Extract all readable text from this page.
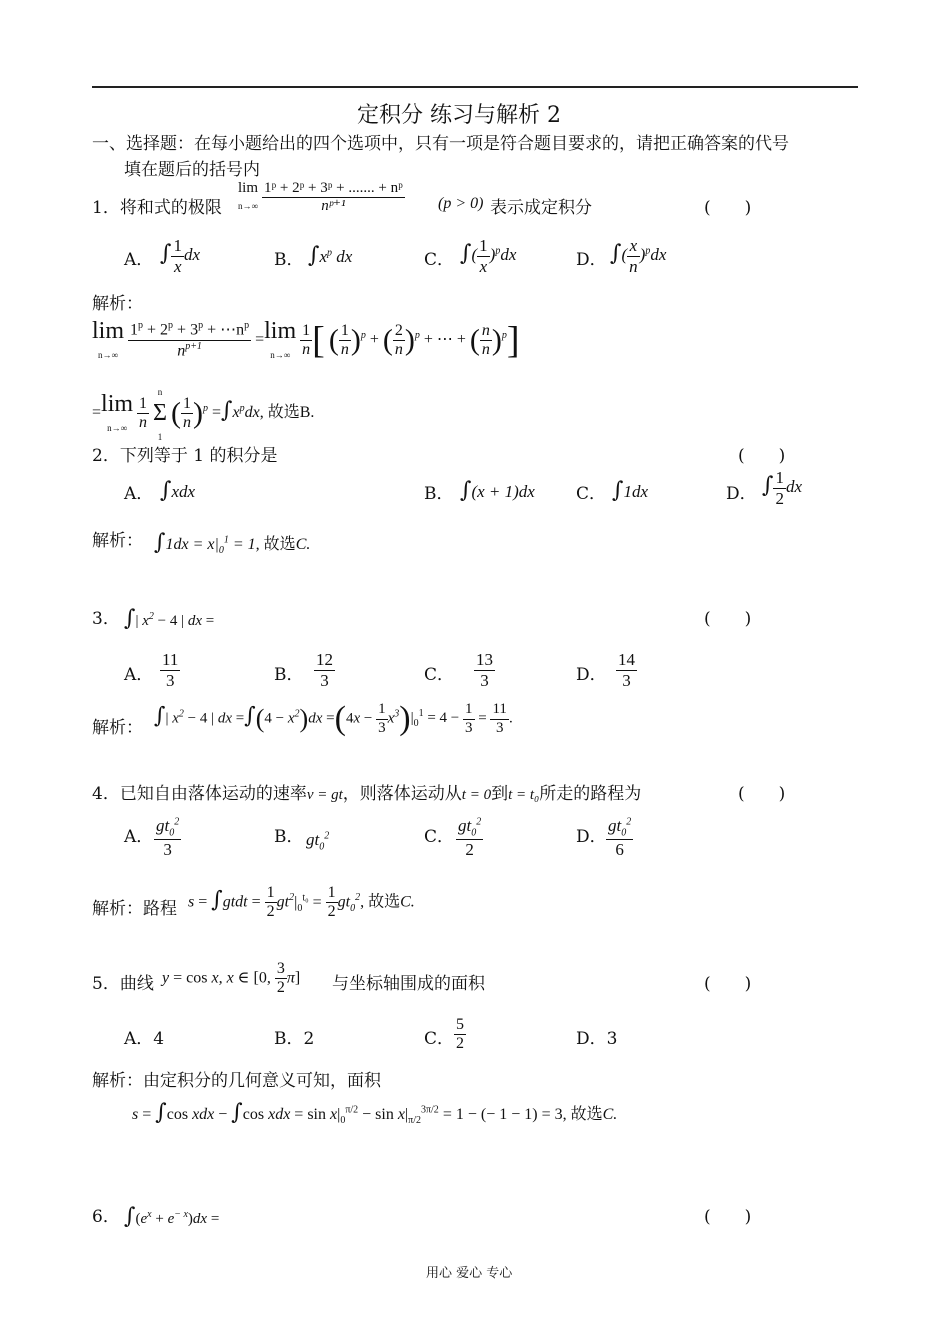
定积分 练习与解析 2
一、选择题：在每小题给出的四个选项中，只有一项是符合题目要求的，请把正确答案的代号
填在题后的括号内
1．将和式的极限
lim
$n\to\infty \frac{\text{1ᵖ + 2ᵖ + 3ᵖ + ....... + nᵖ}}{\text{nᵖ⁺¹}} (p > 0)$ 表示成定积分	(　　)
A． ∫ $\frac{1}{x}$ dx	B． $\int x^p$ dx	C． ∫( $\frac{1}{x} )^pdx$	D． ∫( $\frac{x}{n} )^pdx$
解析：
lim
$n\to\infty \frac{1^p + 2^p + 3^p + \cdots n^p}{n^{p+1}} =\lim$
$n\to\infty \frac{1}{n}$ [ ( $\frac{1}{n} )^p$ + ( $\frac{2}{n} )^p$ + ⋯ + ( $\frac{n}{n} )^p$]
=lim
$n\to\infty \frac{1}{n}$
n
Σ
1 ( $\frac{1}{n} )^p =\int x^pdx$, 故选B.
2．下列等于 1 的积分是	(　　)
A． ∫xdx	B． ∫(x + 1)dx C． ∫1dx	D． ∫ $\frac{1}{2}$ dx
解析： $\int 1dx = x|_0^1 = 1$, 故选C.
3． ∫| $x^2 - 4$ | dx =	(　　)
A． $\frac{11}{3}$	B． $\frac{12}{3}$	C． $\frac{13}{3}$	D． $\frac{14}{3}$
解析： ∫| $x^2 - 4$ | dx $=\int(4 - x^2)dx =(4x - \frac{1}{3} x^3)|_0^1 = 4 - \frac{1}{3} = \frac{11}{3}$ .
4．已知自由落体运动的速率v = gt，则落体运动从t = 0到t = t₀所走的路程为	(　　)
A． $\frac{gt_0^2}{3}$	B． $gt_0^2$	C． $\frac{gt_0^2}{2}$	D． $\frac{gt_0^2}{6}$
解析：路程 s = ∫gtdt = $\frac{1}{2} gt^2|_0^{t_0} = \frac{1}{2} gt_0^2$, 故选C.
5．曲线 y = cos x, x ∈ [0, $\frac{3}{2} \pi$] 与坐标轴围成的面积	(　　)
A．4	B．2	C． $\frac{5}{2}$	D．3
解析：由定积分的几何意义可知，面积
s = ∫cos xdx − ∫cos xdx = $\sin x|_0^{\pi/2} - \sin x|_{\pi/2}^{3\pi/2} = 1$ − (− 1 − 1) = 3, 故选C.
6． $\int(e^x + e^{- x})dx$ =	(　　)
用心 爱心 专心
